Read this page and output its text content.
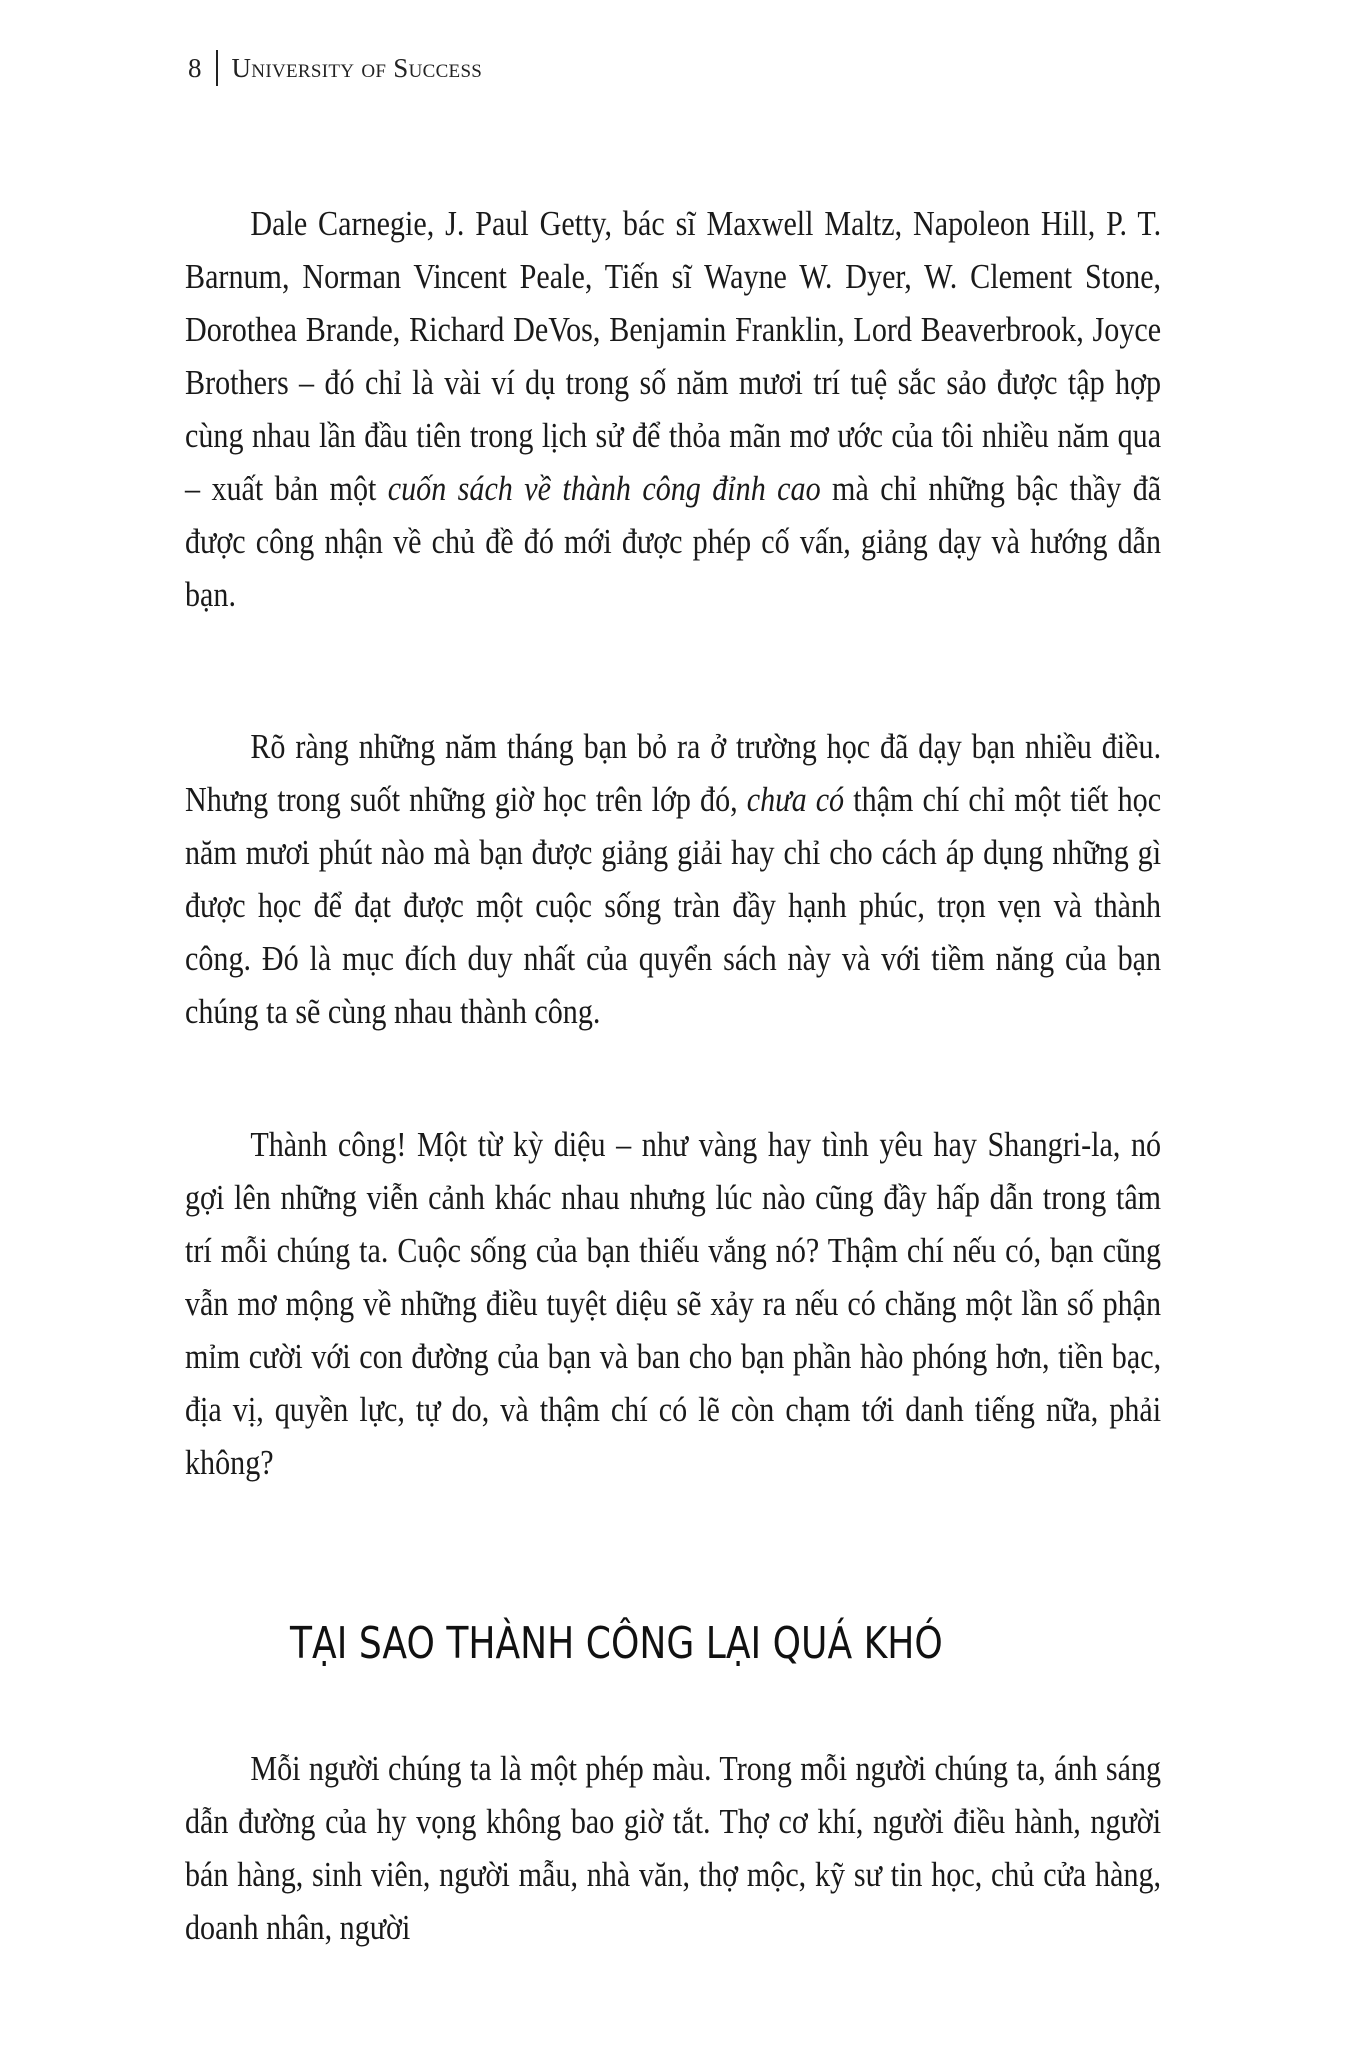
8 University of Success

Dale Carnegie, J. Paul Getty, bác sĩ Maxwell Maltz, Napoleon Hill, P. T. Barnum, Norman Vincent Peale, Tiến sĩ Wayne W. Dyer, W. Clement Stone, Dorothea Brande, Richard DeVos, Benjamin Franklin, Lord Beaverbrook, Joyce Brothers – đó chỉ là vài ví dụ trong số năm mươi trí tuệ sắc sảo được tập hợp cùng nhau lần đầu tiên trong lịch sử để thỏa mãn mơ ước của tôi nhiều năm qua – xuất bản một cuốn sách về thành công đỉnh cao mà chỉ những bậc thầy đã được công nhận về chủ đề đó mới được phép cố vấn, giảng dạy và hướng dẫn bạn.

Rõ ràng những năm tháng bạn bỏ ra ở trường học đã dạy bạn nhiều điều. Nhưng trong suốt những giờ học trên lớp đó, chưa có thậm chí chỉ một tiết học năm mươi phút nào mà bạn được giảng giải hay chỉ cho cách áp dụng những gì được học để đạt được một cuộc sống tràn đầy hạnh phúc, trọn vẹn và thành công. Đó là mục đích duy nhất của quyển sách này và với tiềm năng của bạn chúng ta sẽ cùng nhau thành công.

Thành công! Một từ kỳ diệu – như vàng hay tình yêu hay Shangri-la, nó gợi lên những viễn cảnh khác nhau nhưng lúc nào cũng đầy hấp dẫn trong tâm trí mỗi chúng ta. Cuộc sống của bạn thiếu vắng nó? Thậm chí nếu có, bạn cũng vẫn mơ mộng về những điều tuyệt diệu sẽ xảy ra nếu có chăng một lần số phận mỉm cười với con đường của bạn và ban cho bạn phần hào phóng hơn, tiền bạc, địa vị, quyền lực, tự do, và thậm chí có lẽ còn chạm tới danh tiếng nữa, phải không?

TẠI SAO THÀNH CÔNG LẠI QUÁ KHÓ

Mỗi người chúng ta là một phép màu. Trong mỗi người chúng ta, ánh sáng dẫn đường của hy vọng không bao giờ tắt. Thợ cơ khí, người điều hành, người bán hàng, sinh viên, người mẫu, nhà văn, thợ mộc, kỹ sư tin học, chủ cửa hàng, doanh nhân, người
